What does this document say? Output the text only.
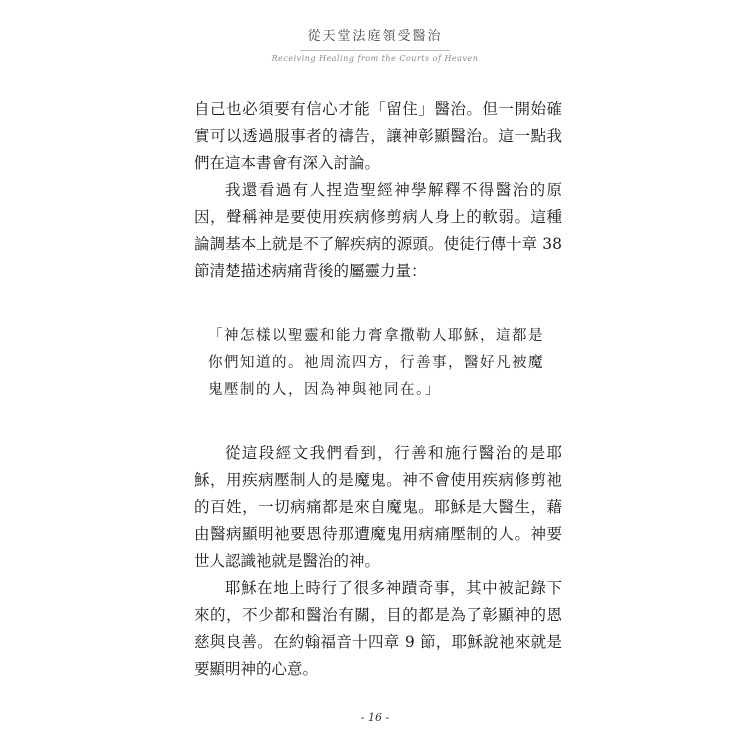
從天堂法庭領受醫治
Receiving Healing from the Courts of Heaven

自己也必須要有信心才能「留住」醫治。但一開始確實可以透過服事者的禱告，讓神彰顯醫治。這一點我們在這本書會有深入討論。

我還看過有人捏造聖經神學解釋不得醫治的原因，聲稱神是要使用疾病修剪病人身上的軟弱。這種論調基本上就是不了解疾病的源頭。使徒行傳十章 38 節清楚描述病痛背後的屬靈力量：

「神怎樣以聖靈和能力膏拿撒勒人耶穌，這都是
你們知道的。祂周流四方，行善事，醫好凡被魔
鬼壓制的人，因為神與祂同在。」

從這段經文我們看到，行善和施行醫治的是耶穌，用疾病壓制人的是魔鬼。神不會使用疾病修剪祂的百姓，一切病痛都是來自魔鬼。耶穌是大醫生，藉由醫病顯明祂要恩待那遭魔鬼用病痛壓制的人。神要世人認識祂就是醫治的神。

耶穌在地上時行了很多神蹟奇事，其中被記錄下來的，不少都和醫治有關，目的都是為了彰顯神的恩慈與良善。在約翰福音十四章 9 節，耶穌說祂來就是要顯明神的心意。

- 16 -
